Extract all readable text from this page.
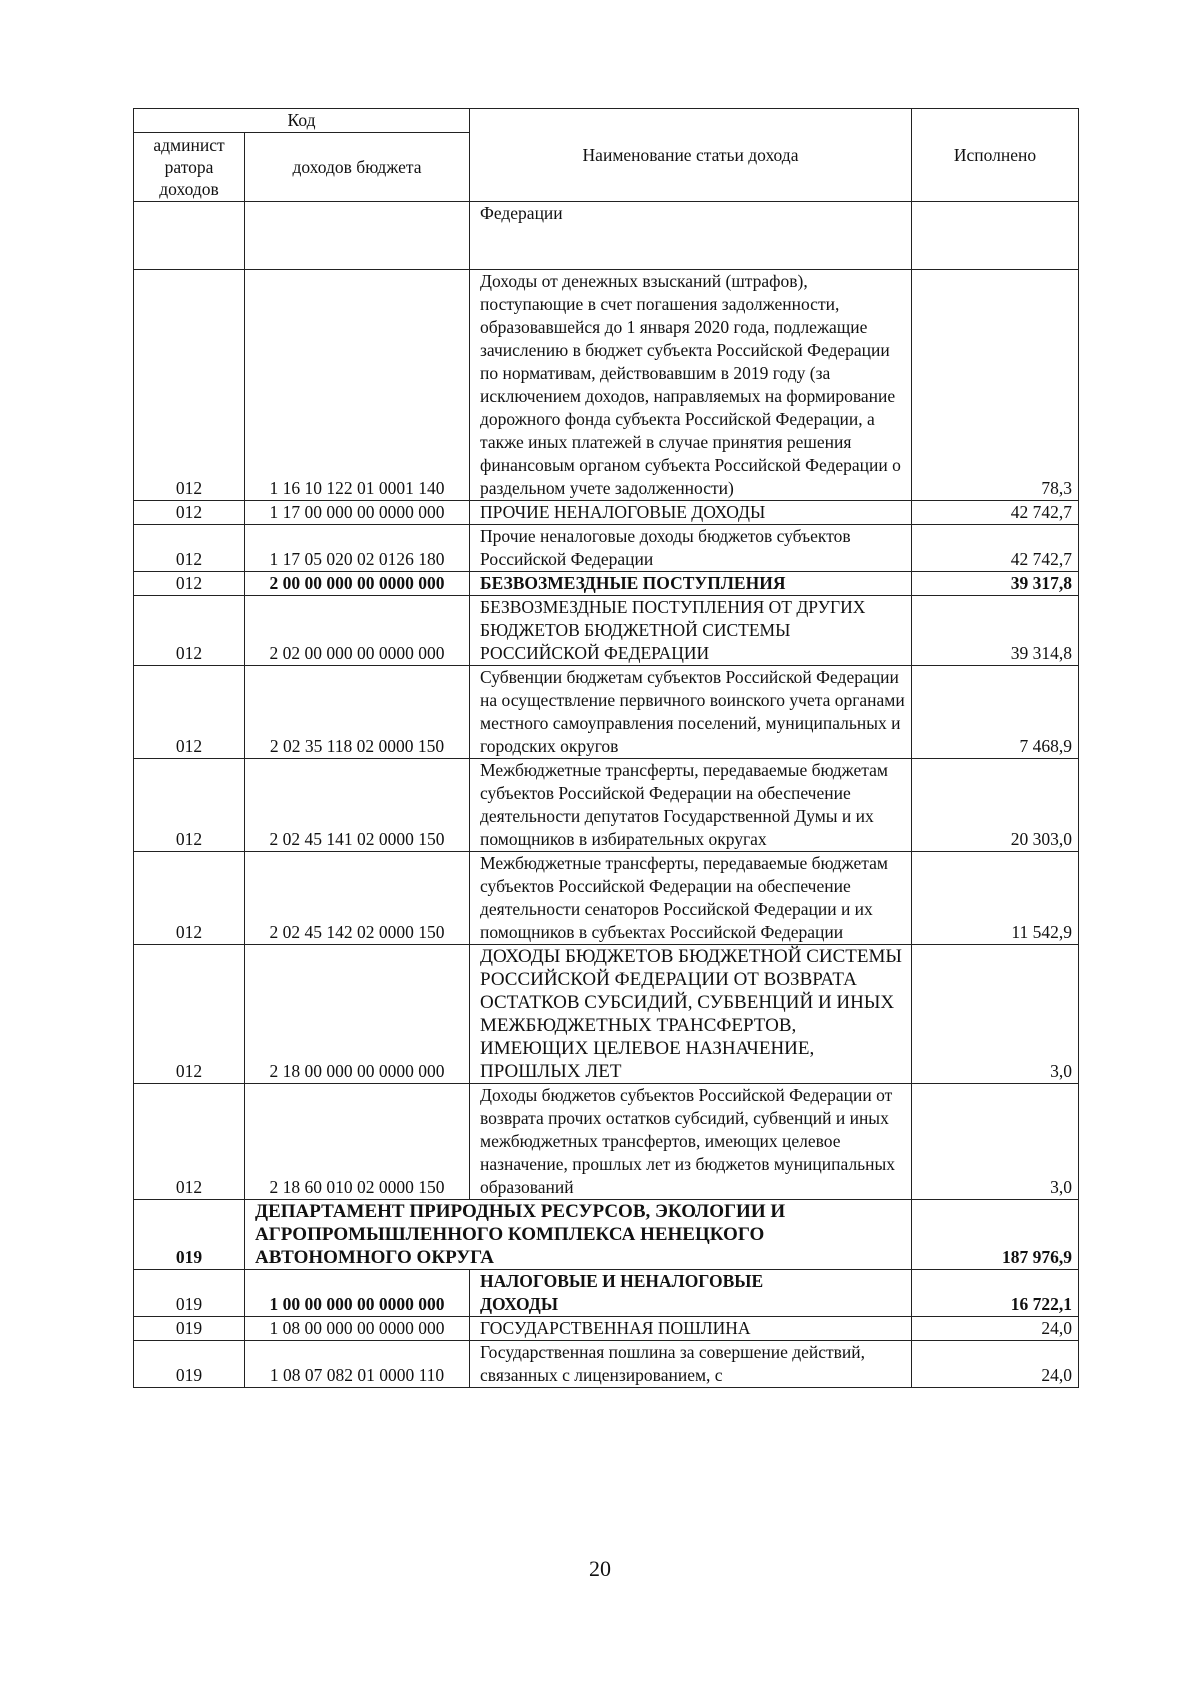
Код		Наименование статьи дохода	Исполнено
админист ратора доходов	доходов бюджета		
		Федерации	
012	1 16 10 122 01 0001 140	Доходы от денежных взысканий (штрафов), поступающие в счет погашения задолженности, образовавшейся до 1 января 2020 года, подлежащие зачислению в бюджет субъекта Российской Федерации по нормативам, действовавшим в 2019 году (за исключением доходов, направляемых на формирование дорожного фонда субъекта Российской Федерации, а также иных платежей в случае принятия решения финансовым органом субъекта Российской Федерации о раздельном учете задолженности)	78,3
012	1 17 00 000 00 0000 000	ПРОЧИЕ НЕНАЛОГОВЫЕ ДОХОДЫ	42 742,7
012	1 17 05 020 02 0126 180	Прочие неналоговые доходы бюджетов субъектов Российской Федерации	42 742,7
012	2 00 00 000 00 0000 000	БЕЗВОЗМЕЗДНЫЕ ПОСТУПЛЕНИЯ	39 317,8
012	2 02 00 000 00 0000 000	БЕЗВОЗМЕЗДНЫЕ ПОСТУПЛЕНИЯ ОТ ДРУГИХ БЮДЖЕТОВ БЮДЖЕТНОЙ СИСТЕМЫ РОССИЙСКОЙ ФЕДЕРАЦИИ	39 314,8
012	2 02 35 118 02 0000 150	Субвенции бюджетам субъектов Российской Федерации на осуществление первичного воинского учета органами местного самоуправления поселений, муниципальных и городских округов	7 468,9
012	2 02 45 141 02 0000 150	Межбюджетные трансферты, передаваемые бюджетам субъектов Российской Федерации на обеспечение деятельности депутатов Государственной Думы и их помощников в избирательных округах	20 303,0
012	2 02 45 142 02 0000 150	Межбюджетные трансферты, передаваемые бюджетам субъектов Российской Федерации на обеспечение деятельности сенаторов Российской Федерации и их помощников в субъектах Российской Федерации	11 542,9
012	2 18 00 000 00 0000 000	ДОХОДЫ БЮДЖЕТОВ БЮДЖЕТНОЙ СИСТЕМЫ РОССИЙСКОЙ ФЕДЕРАЦИИ ОТ ВОЗВРАТА ОСТАТКОВ СУБСИДИЙ, СУБВЕНЦИЙ И ИНЫХ МЕЖБЮДЖЕТНЫХ ТРАНСФЕРТОВ, ИМЕЮЩИХ ЦЕЛЕВОЕ НАЗНАЧЕНИЕ, ПРОШЛЫХ ЛЕТ	3,0
012	2 18 60 010 02 0000 150	Доходы бюджетов субъектов Российской Федерации от возврата прочих остатков субсидий, субвенций и иных межбюджетных трансфертов, имеющих целевое назначение, прошлых лет из бюджетов муниципальных образований	3,0
019	ДЕПАРТАМЕНТ ПРИРОДНЫХ РЕСУРСОВ, ЭКОЛОГИИ И АГРОПРОМЫШЛЕННОГО КОМПЛЕКСА НЕНЕЦКОГО АВТОНОМНОГО ОКРУГА		187 976,9
019	1 00 00 000 00 0000 000	НАЛОГОВЫЕ И НЕНАЛОГОВЫЕ ДОХОДЫ	16 722,1
019	1 08 00 000 00 0000 000	ГОСУДАРСТВЕННАЯ ПОШЛИНА	24,0
019	1 08 07 082 01 0000 110	Государственная пошлина за совершение действий, связанных с лицензированием, с	24,0
20
